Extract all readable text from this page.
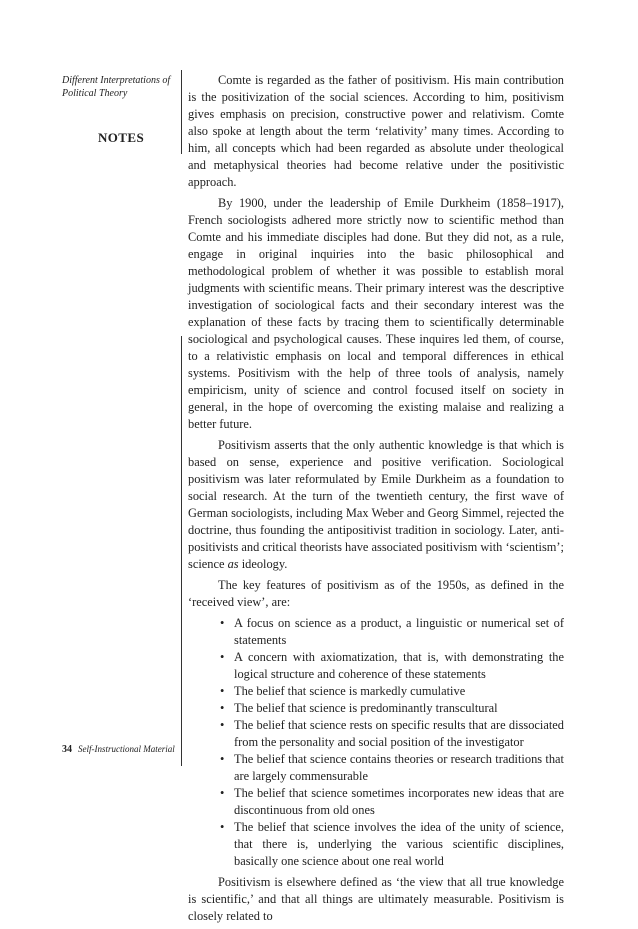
Different Interpretations of Political Theory
NOTES
34 Self-Instructional Material

Comte is regarded as the father of positivism. His main contribution is the positivization of the social sciences. According to him, positivism gives emphasis on precision, constructive power and relativism. Comte also spoke at length about the term ‘relativity’ many times. According to him, all concepts which had been regarded as absolute under theological and metaphysical theories had become relative under the positivistic approach.

By 1900, under the leadership of Emile Durkheim (1858–1917), French sociologists adhered more strictly now to scientific method than Comte and his immediate disciples had done. But they did not, as a rule, engage in original inquiries into the basic philosophical and methodological problem of whether it was possible to establish moral judgments with scientific means. Their primary interest was the descriptive investigation of sociological facts and their secondary interest was the explanation of these facts by tracing them to scientifically determinable sociological and psychological causes. These inquires led them, of course, to a relativistic emphasis on local and temporal differences in ethical systems. Positivism with the help of three tools of analysis, namely empiricism, unity of science and control focused itself on society in general, in the hope of overcoming the existing malaise and realizing a better future.

Positivism asserts that the only authentic knowledge is that which is based on sense, experience and positive verification. Sociological positivism was later reformulated by Emile Durkheim as a foundation to social research. At the turn of the twentieth century, the first wave of German sociologists, including Max Weber and Georg Simmel, rejected the doctrine, thus founding the antipositivist tradition in sociology. Later, anti-positivists and critical theorists have associated positivism with ‘scientism’; science as ideology.

The key features of positivism as of the 1950s, as defined in the ‘received view’, are:

• A focus on science as a product, a linguistic or numerical set of statements
• A concern with axiomatization, that is, with demonstrating the logical structure and coherence of these statements
• The belief that science is markedly cumulative
• The belief that science is predominantly transcultural
• The belief that science rests on specific results that are dissociated from the personality and social position of the investigator
• The belief that science contains theories or research traditions that are largely commensurable
• The belief that science sometimes incorporates new ideas that are discontinuous from old ones
• The belief that science involves the idea of the unity of science, that there is, underlying the various scientific disciplines, basically one science about one real world

Positivism is elsewhere defined as ‘the view that all true knowledge is scientific,’ and that all things are ultimately measurable. Positivism is closely related to
